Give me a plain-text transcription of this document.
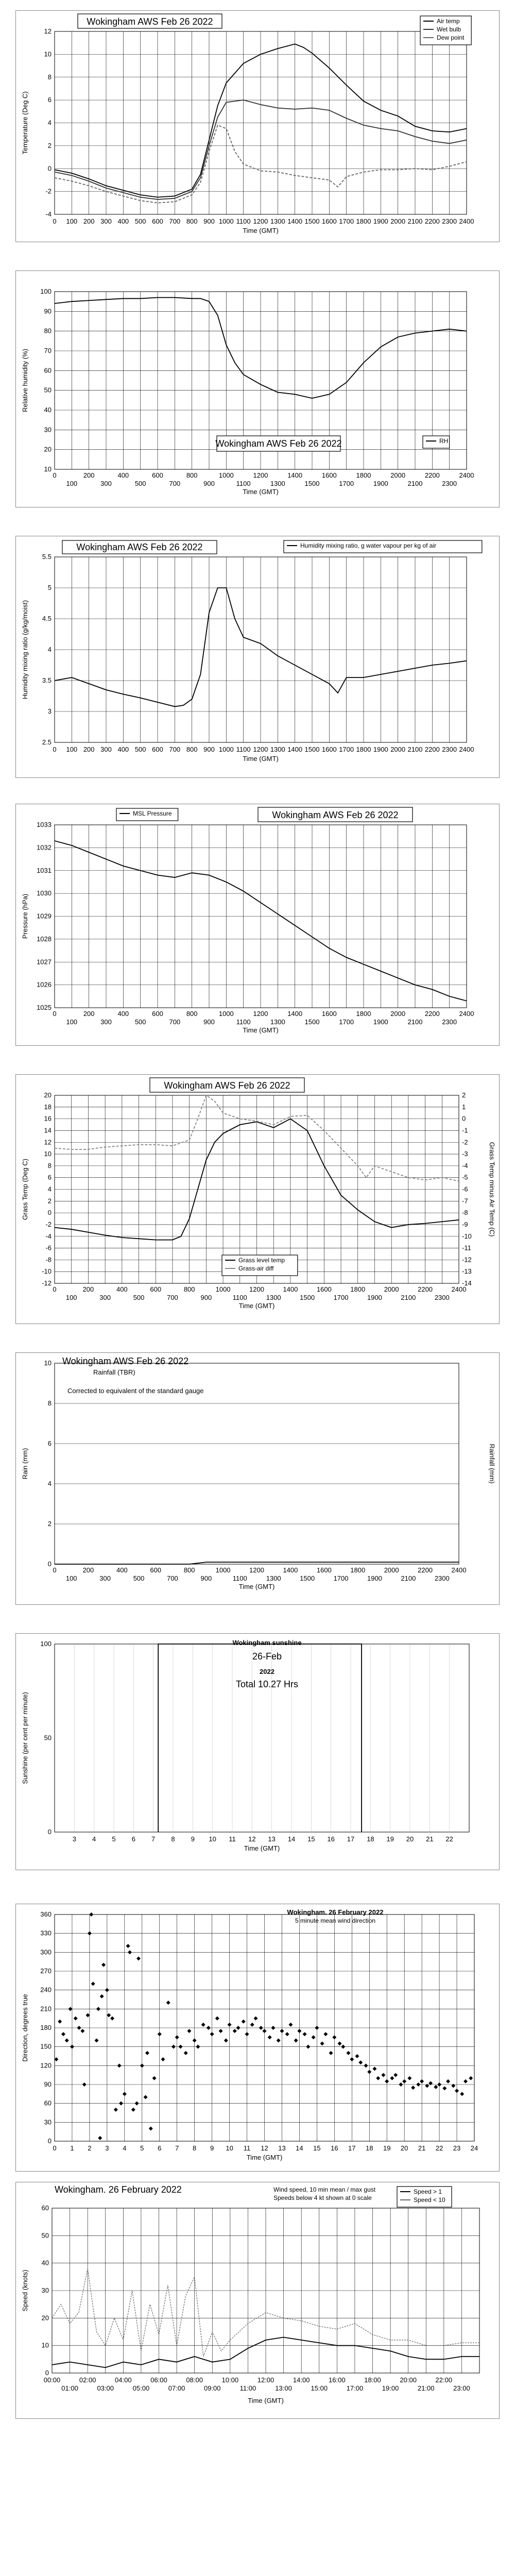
-4
-2
0
2
4
6
8
10
12
0 100 200 300 400 500 600 700 800 900 1000 1100 1200 1300 1400 1500 1600 1700 1800 1900 2000 2100 2200 2300 2400
Time (GMT)
Temperature (Deg C)
Wokingham AWS Feb 26 2022	Air temp
Wet bulb
Dew point
10
20
30
40
50
60
70
80
90
100
0	200	400	600	800	1000	1200	1400	1600	1800	2000	2200	2400
100	300	500	700	900	1100	1300	1500	1700	1900	2100	2300
Time (GMT)
Relative humidity (%)
Wokingham AWS Feb 26 2022	RH
2.5
3
3.5
4
4.5
5
5.5
0 100 200 300 400 500 600 700 800 900 1000 1100 1200 1300 1400 1500 1600 1700 1800 1900 2000 2100 2200 2300 2400
Time (GMT)
Humidity mixing ratio (g/kg/moist)
Wokingham AWS Feb 26 2022	Humidity mixing ratio, g water vapour per kg of air
1025
1026
1027
1028
1029
1030
1031
1032
1033
0	200	400	600	800	1000	1200	1400	1600	1800	2000	2200	2400
100	300	500	700	900	1100	1300	1500	1700	1900	2100	2300
Time (GMT)
Pressure (hPa)
Wokingham AWS Feb 26 2022
MSL Pressure
-12
-10
-8
-6
-4
-2
0
2
4
6
8
10
12
14
16
18
20
-14
-13
-12
-11
-10
-9
-8
-7
-6
-5
-4
-3
-2
-1
0
1
2
0	200	400	600	800	1000	1200	1400	1600	1800	2000	2200	2400
100	300	500	700	900	1100	1300	1500	1700	1900	2100	2300
Time (GMT)
Grass Temp (Deg C)	Grass Temp minus Air Temp (C)
Wokingham AWS Feb 26 2022
Grass level temp
Grass-air diff
0
2
4
6
8
10
0	200	400	600	800	1000	1200	1400	1600	1800	2000	2200	2400
100	300	500	700	900	1100	1300	1500	1700	1900	2100	2300
Time (GMT)
Rain (mm)	Rainfall (mm)
Wokingham AWS Feb 26 2022
Rainfall (TBR)
Corrected to equivalent of the standard gauge
0
50
100
3 4 5 6 7 8 9 10 11 12 13 14 15 16 17 18 19 20 21 22
Time (GMT)
Sunshine (per cent per minute)
Wokingham sunshine
26-Feb
2022
Total 10.27 Hrs
0
30
60
90
120
150
180
210
240
270
300
330
360
0 1 2 3 4 5 6 7 8 9 10 11 12 13 14 15 16 17 18 19 20 21 22 23 24
Time (GMT)
Direction, degrees true
Wokingham. 26 February 2022
5 minute mean wind direction
0
10
20
30
40
50
60
00:00
01:00
02:00
03:00
04:00
05:00
06:00
07:00
08:00
09:00
10:00
11:00
12:00
13:00
14:00
15:00
16:00
17:00
18:00
19:00
20:00
21:00
22:00
23:00
Time (GMT)
Speed (knots)
Wokingham. 26 February 2022	Wind speed, 10 min mean / max gust
Speeds below 4 kt shown at 0 scale
Speed > 1
Speed < 10
